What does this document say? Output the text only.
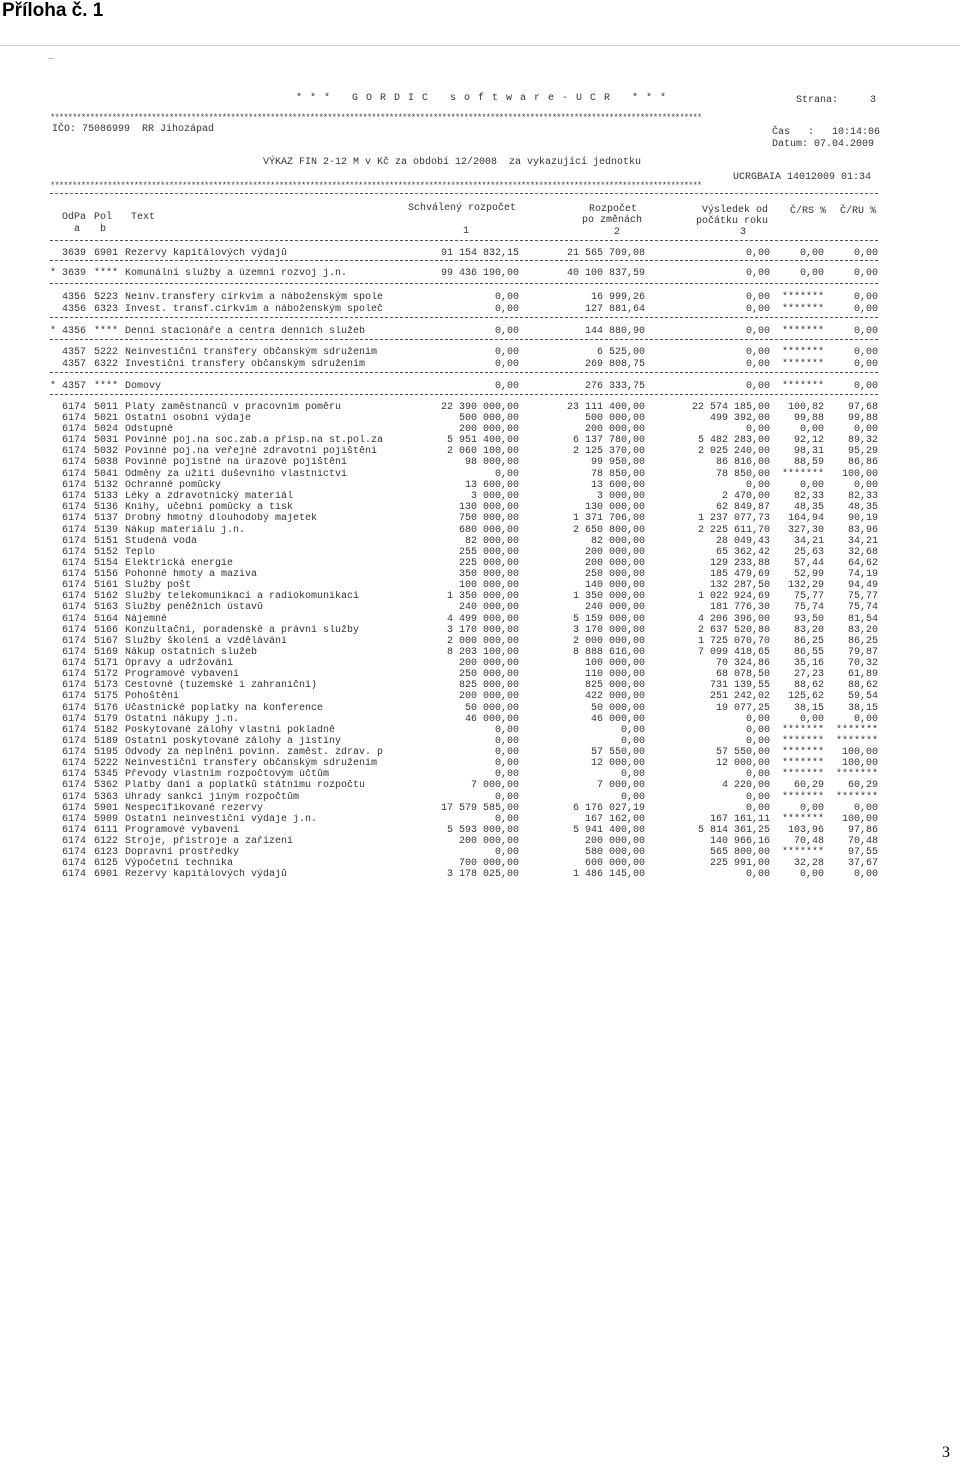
Příloha č. 1
* * *   G O R D I C   s o f t w a r e - U C R   * * *	Strana:	3
****************************************************************************************************************************************************
IČO: 75086999  RR Jihozápad	Čas   :   10:14:06
Datum: 07.04.2009
VÝKAZ FIN 2-12 M v Kč za období 12/2008  za vykazující jednotku
UCRGBAIA 14012009 01:34
****************************************************************************************************************************************************
OdPa Pol Text
a b
Schválený rozpočet
1
Rozpočet
po změnách
2
Výsledek od
počátku roku
3
Č/RS % Č/RU %
3639 6901 Rezervy kapitálových výdajů	91 154 832,15	21 565 709,08	0,00	0,00	0,00
* 3639 **** Komunální služby a územní rozvoj j.n.	99 436 190,00	40 100 837,59	0,00	0,00	0,00
4356 5223 Neinv.transfery církvím a náboženským spole	0,00	16 999,26	0,00 *******	0,00
4356 6323 Invest. transf.církvím a náboženským společ	0,00	127 881,64	0,00 *******	0,00
* 4356 **** Denní stacionáře a centra denních služeb	0,00	144 880,90	0,00 *******	0,00
4357 5222 Neinvestiční transfery občanským sdružením	0,00	6 525,00	0,00 *******	0,00
4357 6322 Investiční transfery občanským sdružením	0,00	269 808,75	0,00 *******	0,00
* 4357 **** Domovy	0,00	276 333,75	0,00 *******	0,00
6174 5011 Platy zaměstnanců v pracovním poměru	22 390 000,00	23 111 400,00	22 574 185,00 100,82 97,68
6174 5021 Ostatní osobní výdaje	500 000,00	500 000,00	499 392,00 99,88 99,88
6174 5024 Odstupné	200 000,00	200 000,00	0,00	0,00	0,00
6174 5031 Povinné poj.na soc.zab.a přísp.na st.pol.za	5 951 400,00	6 137 780,00	5 482 283,00 92,12 89,32
6174 5032 Povinné poj.na veřejné zdravotní pojištění	2 060 100,00	2 125 370,00	2 025 240,00 98,31 95,29
6174 5038 Povinné pojistné na úrazové pojištění	98 000,00	99 950,00	86 816,00 88,59 86,86
6174 5041 Odměny za užití duševního vlastnictví	0,00	78 850,00	78 850,00 ******* 100,00
6174 5132 Ochranné pomůcky	13 600,00	13 600,00	0,00	0,00	0,00
6174 5133 Léky a zdravotnický materiál	3 000,00	3 000,00	2 470,00 82,33 82,33
6174 5136 Knihy, učební pomůcky a tisk	130 000,00	130 000,00	62 849,87 48,35 48,35
6174 5137 Drobný hmotný dlouhodobý majetek	750 000,00	1 371 706,00	1 237 077,73 164,94 90,19
6174 5139 Nákup materiálu j.n.	680 000,00	2 650 800,00	2 225 611,70 327,30 83,96
6174 5151 Studená voda	82 000,00	82 000,00	28 049,43 34,21 34,21
6174 5152 Teplo	255 000,00	200 000,00	65 362,42 25,63 32,68
6174 5154 Elektrická energie	225 000,00	200 000,00	129 233,88 57,44 64,62
6174 5156 Pohonné hmoty a maziva	350 000,00	250 000,00	185 479,69 52,99 74,19
6174 5161 Služby pošt	100 000,00	140 000,00	132 287,50 132,29 94,49
6174 5162 Služby telekomunikací a radiokomunikací	1 350 000,00	1 350 000,00	1 022 924,69 75,77 75,77
6174 5163 Služby peněžních ústavů	240 000,00	240 000,00	181 776,30 75,74 75,74
6174 5164 Nájemné	4 499 000,00	5 159 000,00	4 206 396,00 93,50 81,54
6174 5166 Konzultační, poradenské a právní služby	3 170 000,00	3 170 000,00	2 637 520,80 83,20 83,20
6174 5167 Služby školení a vzdělávání	2 000 000,00	2 000 000,00	1 725 070,70 86,25 86,25
6174 5169 Nákup ostatních služeb	8 203 100,00	8 888 616,00	7 099 418,65 86,55 79,87
6174 5171 Opravy a udržování	200 000,00	100 000,00	70 324,86 35,16 70,32
6174 5172 Programové vybavení	250 000,00	110 000,00	68 078,50 27,23 61,89
6174 5173 Cestovné (tuzemské i zahraniční)	825 000,00	825 000,00	731 139,55 88,62 88,62
6174 5175 Pohoštění	200 000,00	422 000,00	251 242,02 125,62 59,54
6174 5176 Účastnické poplatky na konference	50 000,00	50 000,00	19 077,25 38,15 38,15
6174 5179 Ostatní nákupy j.n.	46 000,00	46 000,00	0,00	0,00	0,00
6174 5182 Poskytované zálohy vlastní pokladně	0,00	0,00	0,00 ******* *******
6174 5189 Ostatní poskytované zálohy a jistiny	0,00	0,00	0,00 ******* *******
6174 5195 Odvody za neplnění povinn. zaměst. zdrav. p	0,00	57 550,00	57 550,00 ******* 100,00
6174 5222 Neinvestiční transfery občanským sdružením	0,00	12 000,00	12 000,00 ******* 100,00
6174 5345 Převody vlastním rozpočtovým účtům	0,00	0,00	0,00 ******* *******
6174 5362 Platby daní a poplatků státnímu rozpočtu	7 000,00	7 000,00	4 220,00 60,29 60,29
6174 5363 Úhrady sankcí jiným rozpočtům	0,00	0,00	0,00 ******* *******
6174 5901 Nespecifikované rezervy	17 579 585,00	6 176 027,19	0,00	0,00	0,00
6174 5909 Ostatní neinvestiční výdaje j.n.	0,00	167 162,00	167 161,11 ******* 100,00
6174 6111 Programové vybavení	5 593 000,00	5 941 400,00	5 814 361,25 103,96 97,86
6174 6122 Stroje, přístroje a zařízení	200 000,00	200 000,00	140 966,16 70,48 70,48
6174 6123 Dopravní prostředky	0,00	580 000,00	565 800,00 ******* 97,55
6174 6125 Výpočetní technika	700 000,00	600 000,00	225 991,00 32,28 37,67
6174 6901 Rezervy kapitálových výdajů	3 178 025,00	1 486 145,00	0,00	0,00	0,00
3
